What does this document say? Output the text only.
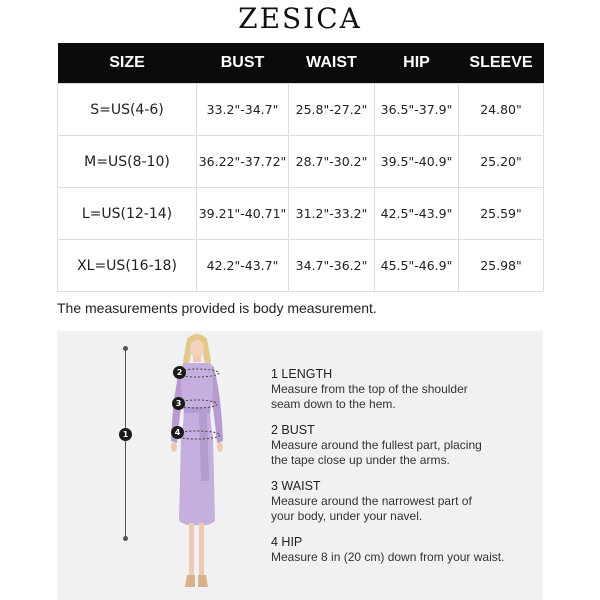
ZESICA
SIZE	BUST	WAIST	HIP	SLEEVE
S=US(4-6)	33.2"-34.7"	25.8"-27.2"	36.5"-37.9"	24.80"
M=US(8-10)	36.22"-37.72"	28.7"-30.2"	39.5"-40.9"	25.20"
L=US(12-14)	39.21"-40.71"	31.2"-33.2"	42.5"-43.9"	25.59"
XL=US(16-18)	42.2"-43.7"	34.7"-36.2"	45.5"-46.9"	25.98"
The measurements provided is body measurement.
1
2
3
4
1 LENGTH
Measure from the top of the shoulder
seam down to the hem.
2 BUST
Measure around the fullest part, placing
the tape close up under the arms.
3 WAIST
Measure around the narrowest part of
your body, under your navel.
4 HIP
Measure 8 in (20 cm) down from your waist.
